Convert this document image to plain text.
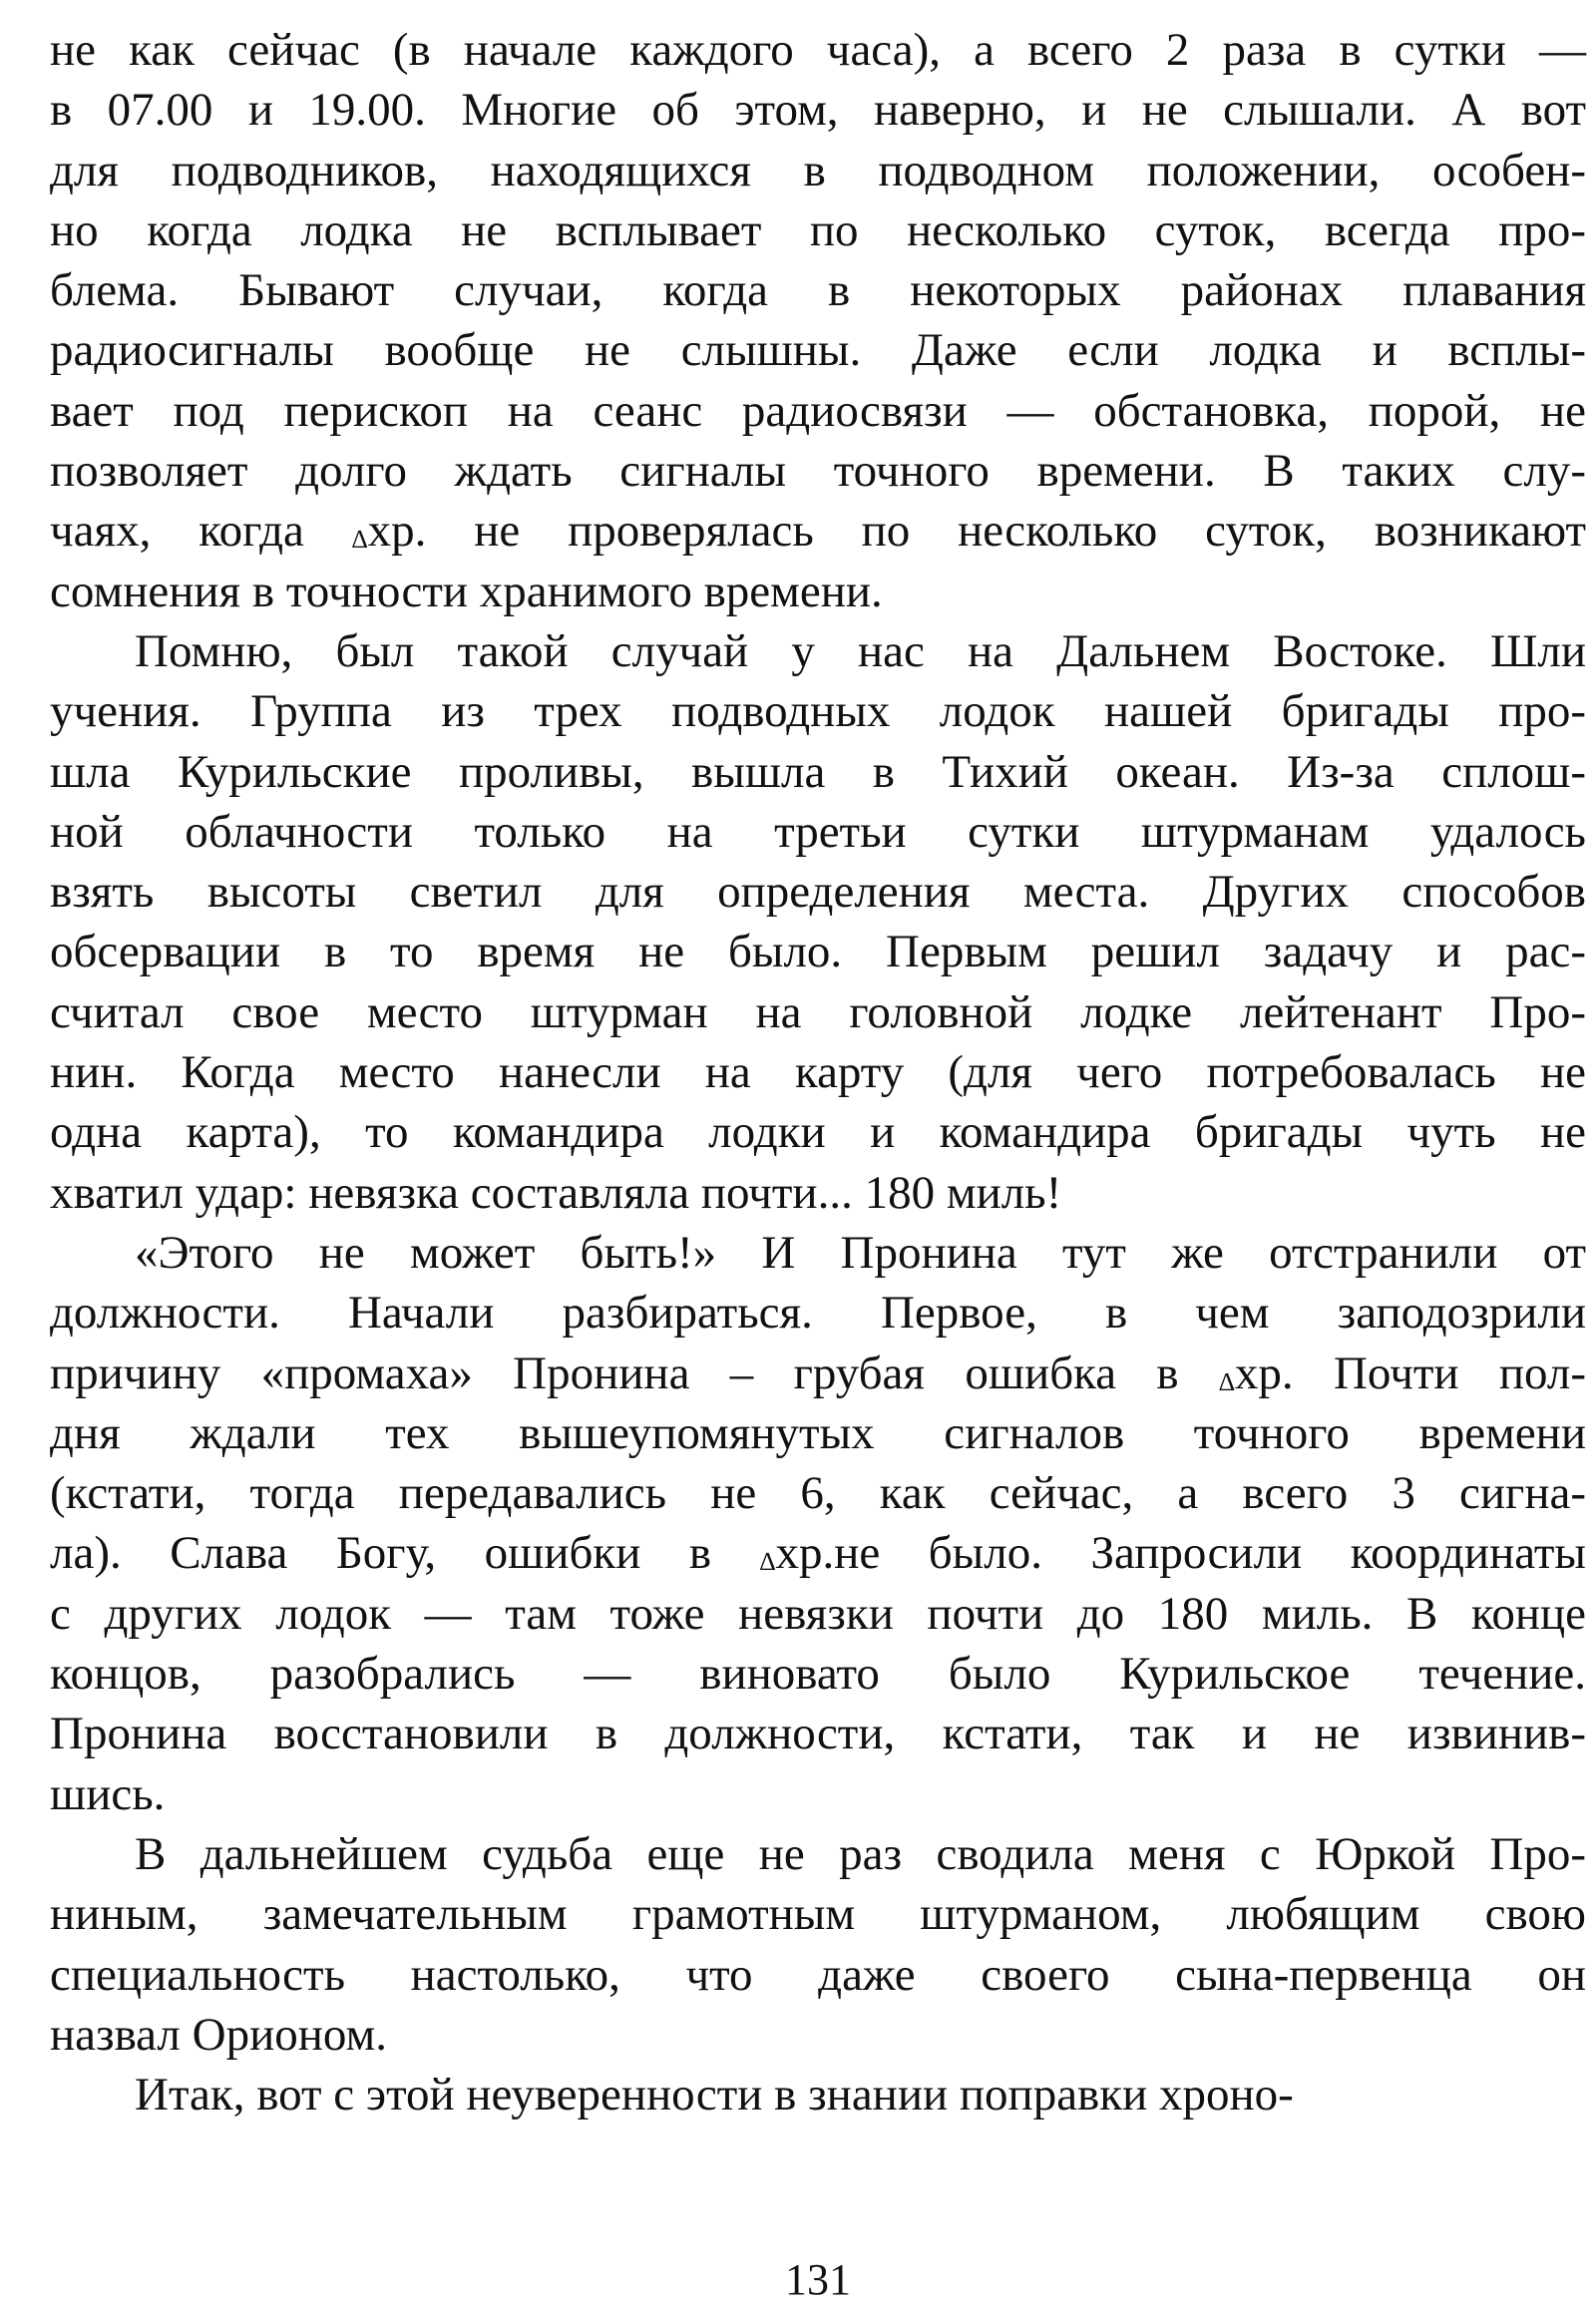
не как сейчас (в начале каждого часа), а всего 2 раза в сутки —
в 07.00 и 19.00. Многие об этом, наверно, и не слышали. А вот
для подводников, находящихся в подводном положении, особен-
но когда лодка не всплывает по несколько суток, всегда про-
блема. Бывают случаи, когда в некоторых районах плавания
радиосигналы вообще не слышны. Даже если лодка и всплы-
вает под перископ на сеанс радиосвязи — обстановка, порой, не
позволяет долго ждать сигналы точного времени. В таких слу-
чаях, когда ∆хр. не проверялась по несколько суток, возникают
сомнения в точности хранимого времени.
Помню, был такой случай у нас на Дальнем Востоке. Шли
учения. Группа из трех подводных лодок нашей бригады про-
шла Курильские проливы, вышла в Тихий океан. Из-за сплош-
ной облачности только на третьи сутки штурманам удалось
взять высоты светил для определения места. Других способов
обсервации в то время не было. Первым решил задачу и рас-
считал свое место штурман на головной лодке лейтенант Про-
нин. Когда место нанесли на карту (для чего потребовалась не
одна карта), то командира лодки и командира бригады чуть не
хватил удар: невязка составляла почти... 180 миль!
«Этого не может быть!» И Пронина тут же отстранили от
должности. Начали разбираться. Первое, в чем заподозрили
причину «промаха» Пронина – грубая ошибка в ∆хр. Почти пол-
дня ждали тех вышеупомянутых сигналов точного времени
(кстати, тогда передавались не 6, как сейчас, а всего 3 сигна-
ла). Слава Богу, ошибки в ∆хр.не было. Запросили координаты
с других лодок — там тоже невязки почти до 180 миль. В конце
концов, разобрались — виновато было Курильское течение.
Пронина восстановили в должности, кстати, так и не извинив-
шись.
В дальнейшем судьба еще не раз сводила меня с Юркой Про-
ниным, замечательным грамотным штурманом, любящим свою
специальность настолько, что даже своего сына-первенца он
назвал Орионом.
Итак, вот с этой неуверенности в знании поправки хроно-
131
